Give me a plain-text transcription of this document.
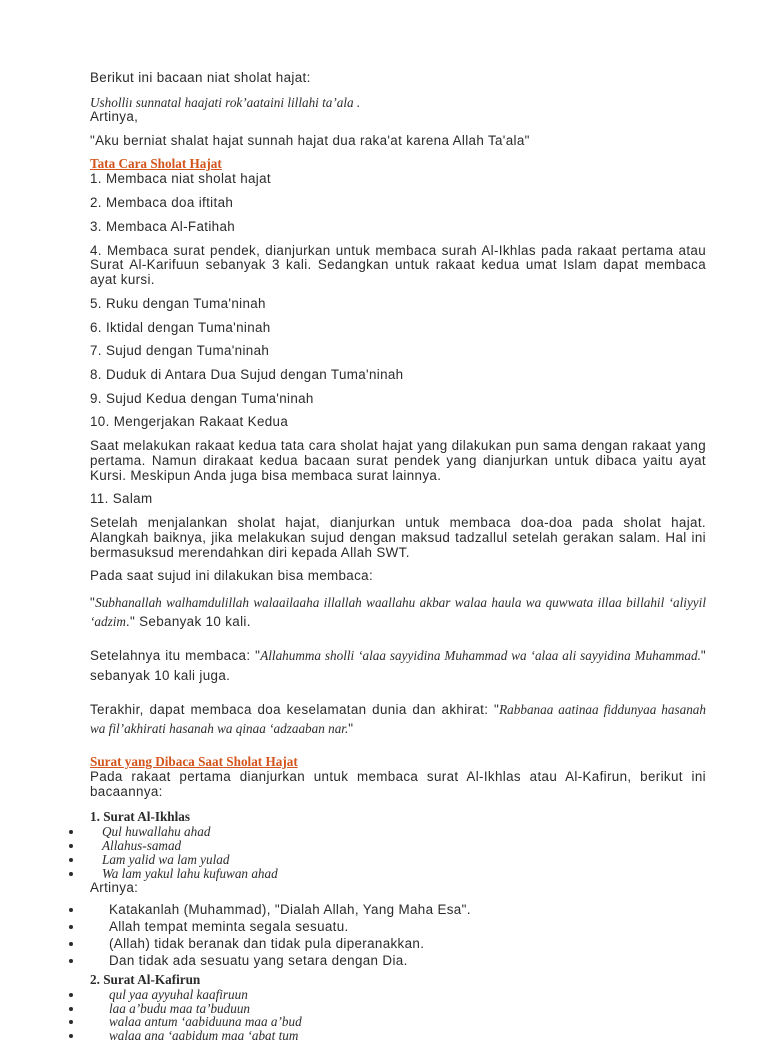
Berikut ini bacaan niat sholat hajat:

Usholliı sunnatal haajati rok’aataini lillahi ta’ala .

Artinya,

"Aku berniat shalat hajat sunnah hajat dua raka'at karena Allah Ta'ala"

Tata Cara Sholat Hajat

1. Membaca niat sholat hajat

2. Membaca doa iftitah

3. Membaca Al-Fatihah

4. Membaca surat pendek, dianjurkan untuk membaca surah Al-Ikhlas pada rakaat pertama atau Surat Al-Karifuun sebanyak 3 kali. Sedangkan untuk rakaat kedua umat Islam dapat membaca ayat kursi.

5. Ruku dengan Tuma'ninah

6. Iktidal dengan Tuma'ninah

7. Sujud dengan Tuma'ninah

8. Duduk di Antara Dua Sujud dengan Tuma'ninah

9. Sujud Kedua dengan Tuma'ninah

10. Mengerjakan Rakaat Kedua

Saat melakukan rakaat kedua tata cara sholat hajat yang dilakukan pun sama dengan rakaat yang pertama. Namun dirakaat kedua bacaan surat pendek yang dianjurkan untuk dibaca yaitu ayat Kursi. Meskipun Anda juga bisa membaca surat lainnya.

11. Salam

Setelah menjalankan sholat hajat, dianjurkan untuk membaca doa-doa pada sholat hajat. Alangkah baiknya, jika melakukan sujud dengan maksud tadzallul setelah gerakan salam. Hal ini bermasuksud merendahkan diri kepada Allah SWT.

Pada saat sujud ini dilakukan bisa membaca:

"Subhanallah walhamdulillah walaailaaha illallah waallahu akbar walaa haula wa quwwata illaa billahil ‘aliyyil ‘adzim." Sebanyak 10 kali.

Setelahnya itu membaca: "Allahumma sholli ‘alaa sayyidina Muhammad wa ‘alaa ali sayyidina Muhammad." sebanyak 10 kali juga.

Terakhir, dapat membaca doa keselamatan dunia dan akhirat: "Rabbanaa aatinaa fiddunyaa hasanah wa fil’akhirati hasanah wa qinaa ‘adzaaban nar."

Surat yang Dibaca Saat Sholat Hajat

Pada rakaat pertama dianjurkan untuk membaca surat Al-Ikhlas atau Al-Kafirun, berikut ini bacaannya:

1. Surat Al-Ikhlas

Qul huwallahu ahad
Allahus-samad
Lam yalid wa lam yulad
Wa lam yakul lahu kufuwan ahad

Artinya:

Katakanlah (Muhammad), "Dialah Allah, Yang Maha Esa".
Allah tempat meminta segala sesuatu.
(Allah) tidak beranak dan tidak pula diperanakkan.
Dan tidak ada sesuatu yang setara dengan Dia.

2. Surat Al-Kafirun

qul yaa ayyuhal kaafiruun
laa a’budu maa ta’buduun
walaa antum ‘aabiduuna maa a’bud
walaa ana ‘aabidum maa ‘abat tum
